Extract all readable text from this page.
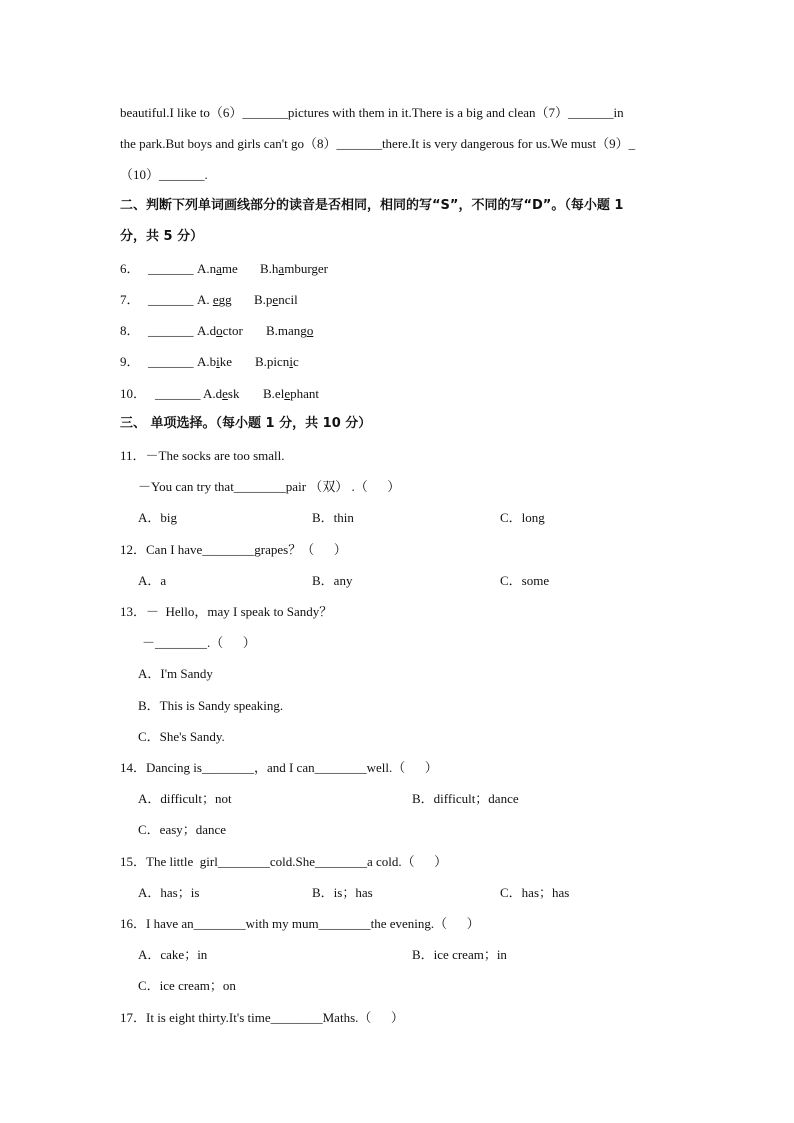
beautiful.I like to（6）_______pictures with them in it.There is a big and clean（7）_______in
the park.But boys and girls can't go（8）_______there.It is very dangerous for us.We must（9）_
（10）_______.
二、判断下列单词画线部分的读音是否相同，相同的写“S”，不同的写“D”。（每小题 1
分，共 5 分）
6． _______ A.name B.hamburger
7． _______ A. egg B.pencil
8． _______ A.doctor B.mango
9． _______ A.bike B.picnic
10． _______ A.desk B.elephant
三、 单项选择。（每小题 1 分，共 10 分）
11．－The socks are too small.
－You can try that________pair （双） .（      ）
A．big	B．thin	C．long
12．Can I have________grapes？（      ）
A．a	B．any	C．some
13．－  Hello，may I speak to Sandy？
－________.（      ）
A．I'm Sandy
B．This is Sandy speaking.
C．She's Sandy.
14．Dancing is________，and I can________well.（      ）
A．difficult；not	B．difficult；dance
C．easy；dance
15．The little  girl________cold.She________a cold.（      ）
A．has；is	B．is；has	C．has；has
16．I have an________with my mum________the evening.（      ）
A．cake；in	B．ice cream；in
C．ice cream；on
17．It is eight thirty.It's time________Maths.（      ）
